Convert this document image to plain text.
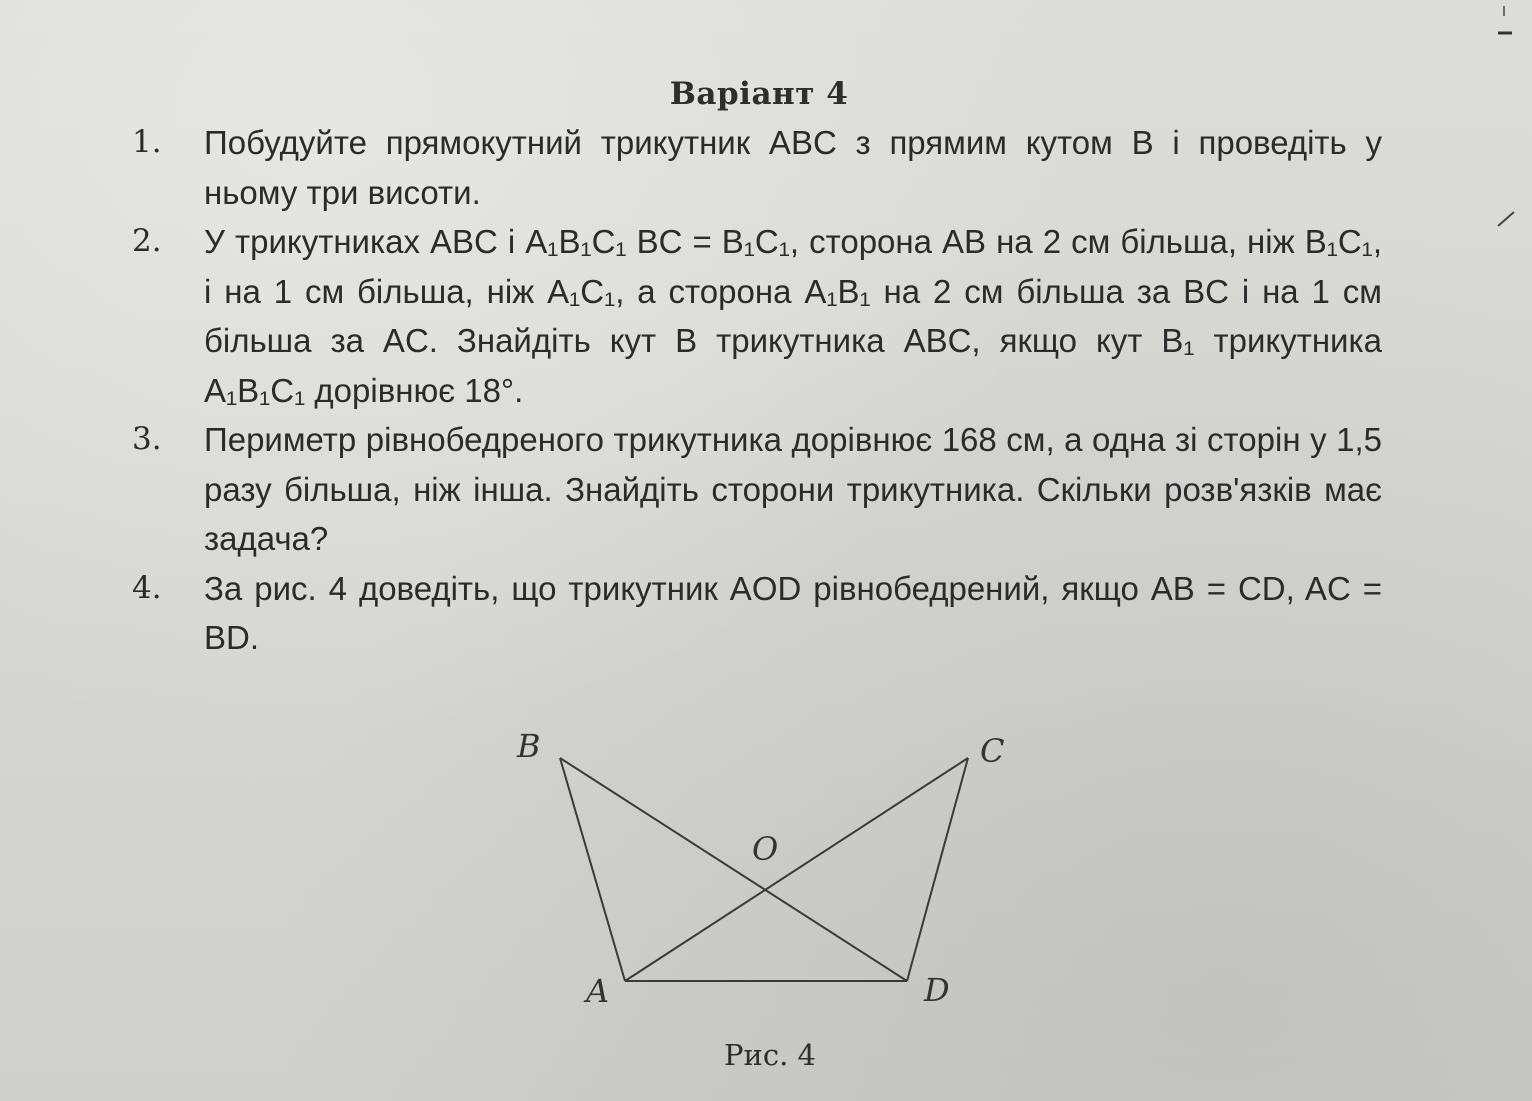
Варіант 4
1. Побудуйте прямокутний трикутник ABC з прямим кутом B і проведіть у ньому три висоти.
2. У трикутниках ABC і A₁B₁C₁ BC = B₁C₁, сторона AB на 2 см більша, ніж B₁C₁, і на 1 см більша, ніж A₁C₁, а сторона A₁B₁ на 2 см більша за BC і на 1 см більша за AC. Знайдіть кут B трикутника ABC, якщо кут B₁ трикутника A₁B₁C₁ дорівнює 18°.
3. Периметр рівнобедреного трикутника дорівнює 168 см, а одна зі сторін у 1,5 разу більша, ніж інша. Знайдіть сторони трикутника. Скільки розв'язків має задача?
4. За рис. 4 доведіть, що трикутник AOD рівнобедрений, якщо AB = CD, AC = BD.
B	C
O
A	D
Рис. 4
